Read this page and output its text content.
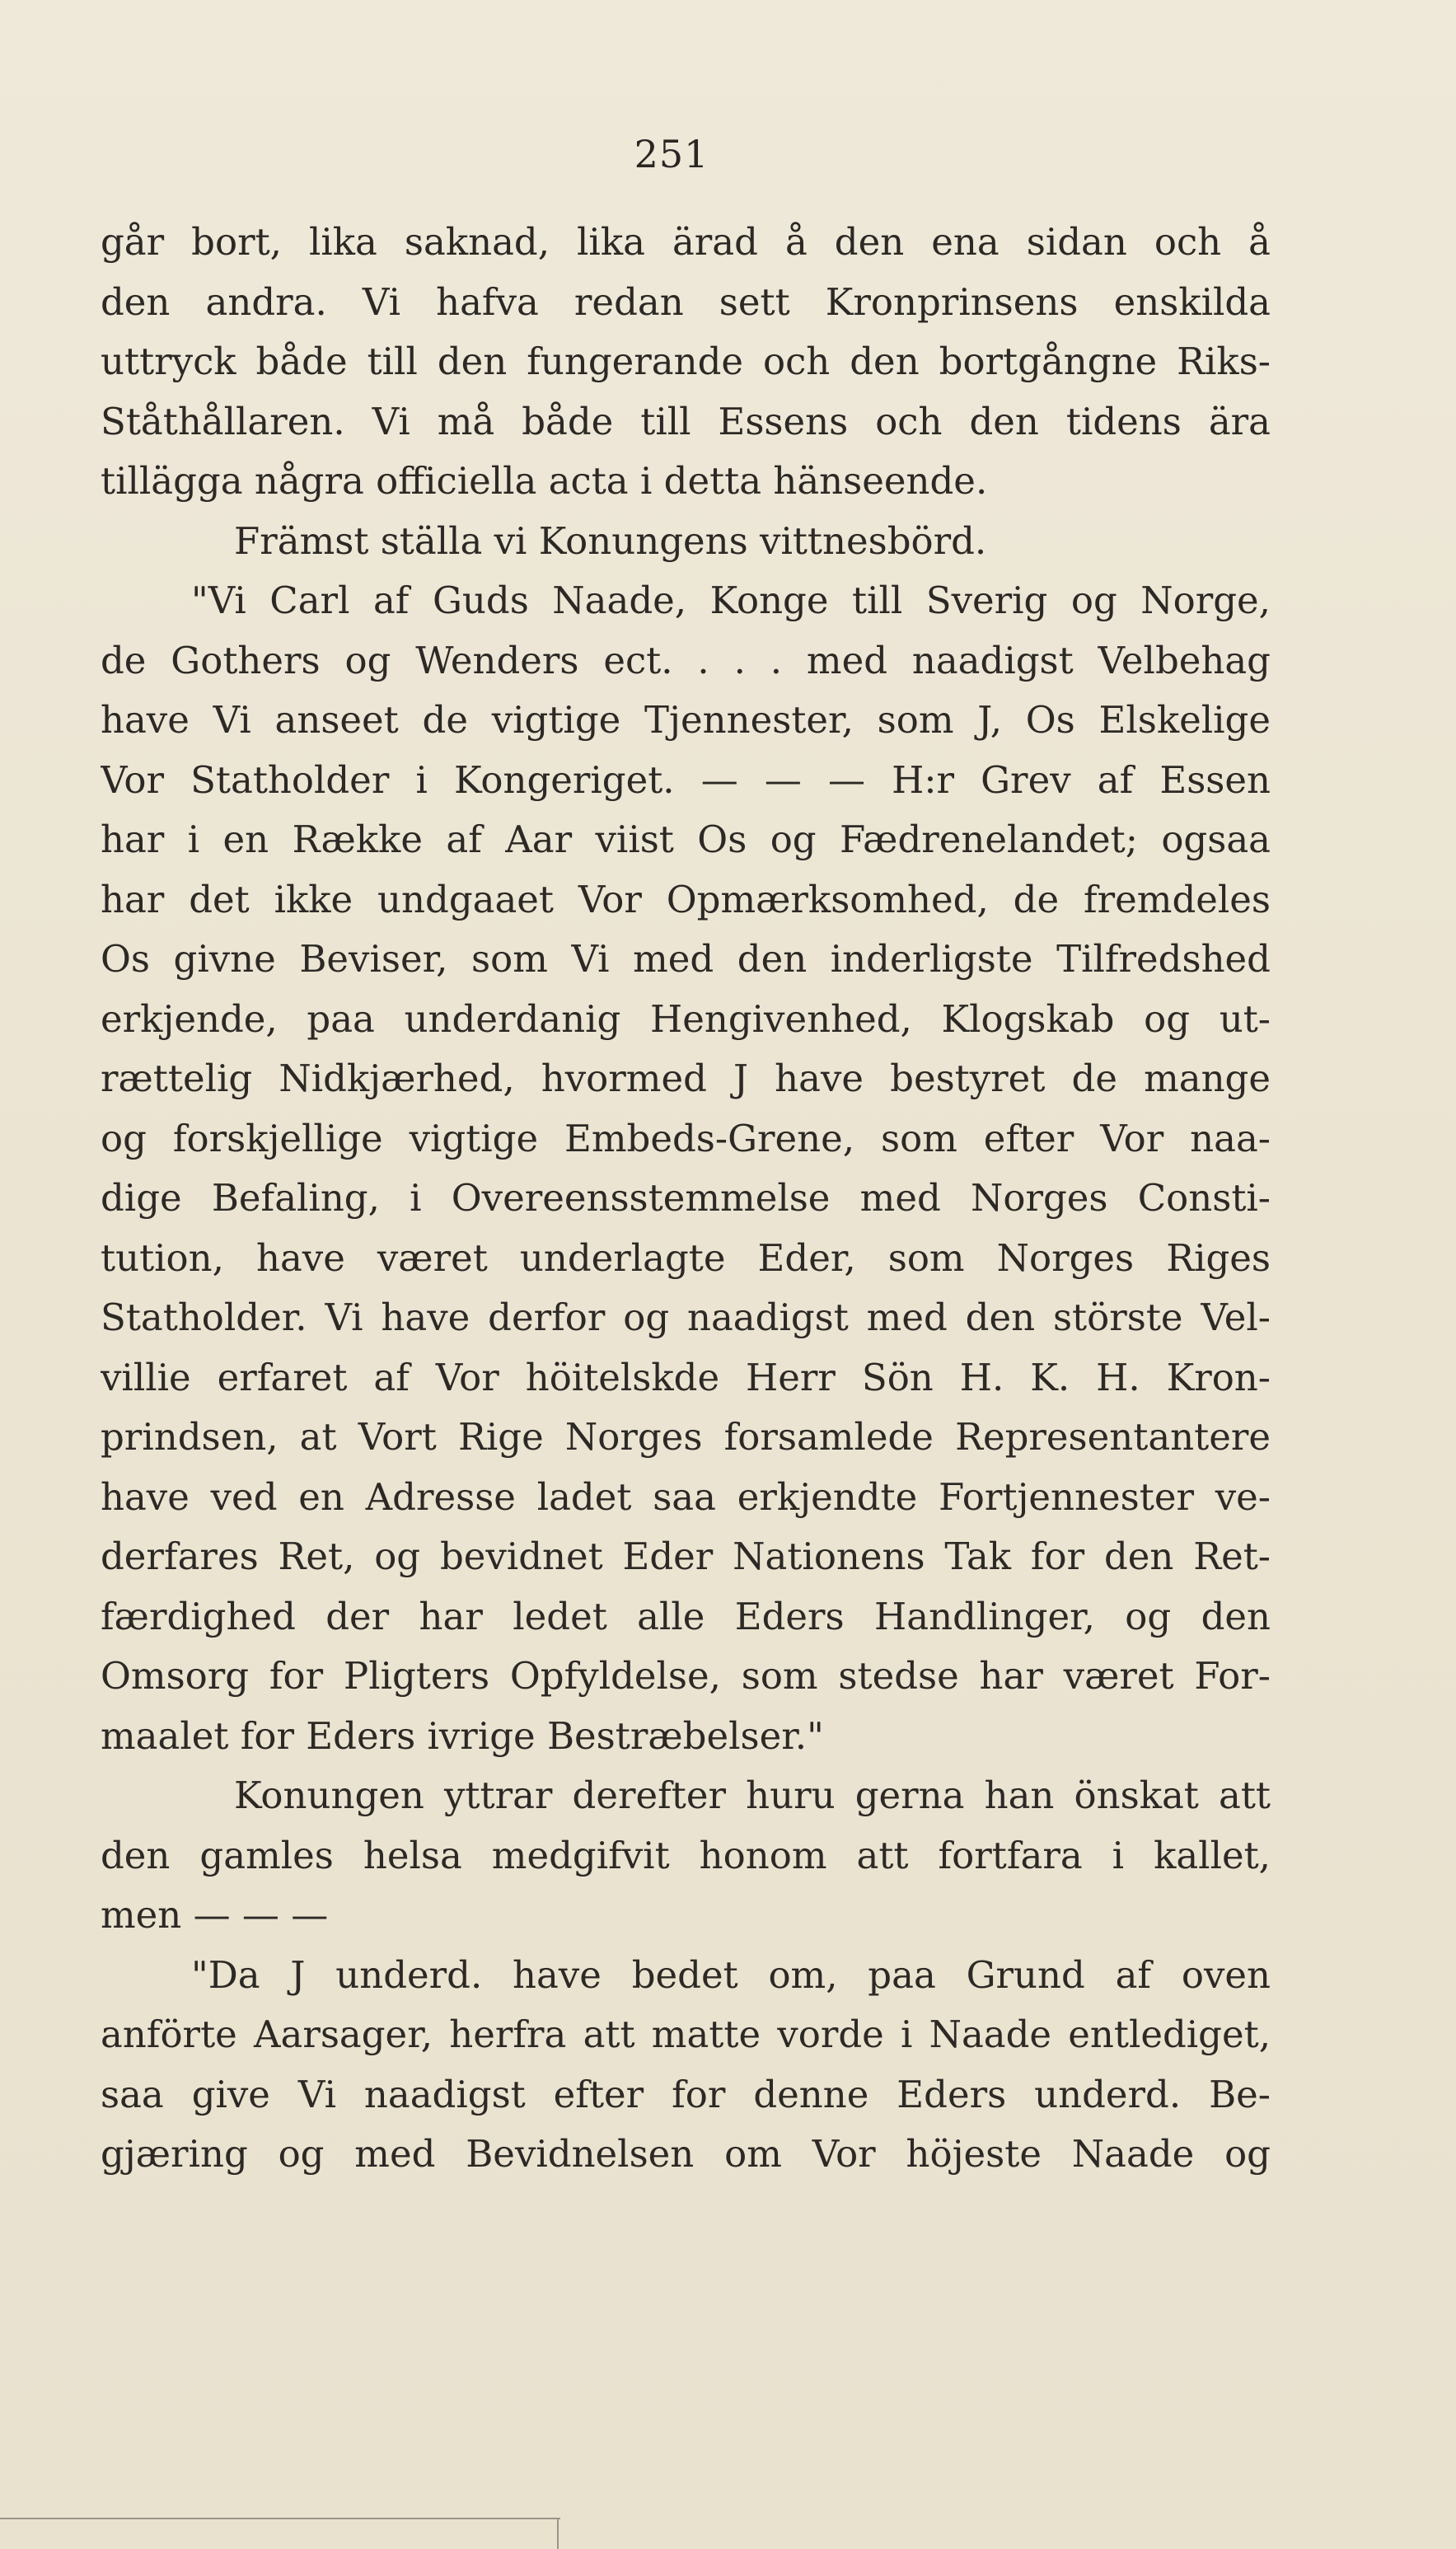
251
går bort, lika saknad, lika ärad å den ena sidan och å
den andra. Vi hafva redan sett Kronprinsens enskilda
uttryck både till den fungerande och den bortgångne Riks-
Ståthållaren. Vi må både till Essens och den tidens ära
tillägga några officiella acta i detta hänseende.
Främst ställa vi Konungens vittnesbörd.
"Vi Carl af Guds Naade, Konge till Sverig og Norge,
de Gothers og Wenders ect. . . . med naadigst Velbehag
have Vi anseet de vigtige Tjennester, som J, Os Elskelige
Vor Statholder i Kongeriget. — — — H:r Grev af Essen
har i en Række af Aar viist Os og Fædrenelandet; ogsaa
har det ikke undgaaet Vor Opmærksomhed, de fremdeles
Os givne Beviser, som Vi med den inderligste Tilfredshed
erkjende, paa underdanig Hengivenhed, Klogskab og ut-
rættelig Nidkjærhed, hvormed J have bestyret de mange
og forskjellige vigtige Embeds-Grene, som efter Vor naa-
dige Befaling, i Overeensstemmelse med Norges Consti-
tution, have været underlagte Eder, som Norges Riges
Statholder. Vi have derfor og naadigst med den störste Vel-
villie erfaret af Vor höitelskde Herr Sön H. K. H. Kron-
prindsen, at Vort Rige Norges forsamlede Representantere
have ved en Adresse ladet saa erkjendte Fortjennester ve-
derfares Ret, og bevidnet Eder Nationens Tak for den Ret-
færdighed der har ledet alle Eders Handlinger, og den
Omsorg for Pligters Opfyldelse, som stedse har været For-
maalet for Eders ivrige Bestræbelser."
Konungen yttrar derefter huru gerna han önskat att
den gamles helsa medgifvit honom att fortfara i kallet,
men — — —
"Da J underd. have bedet om, paa Grund af oven
anförte Aarsager, herfra att matte vorde i Naade entlediget,
saa give Vi naadigst efter for denne Eders underd. Be-
gjæring og med Bevidnelsen om Vor höjeste Naade og
